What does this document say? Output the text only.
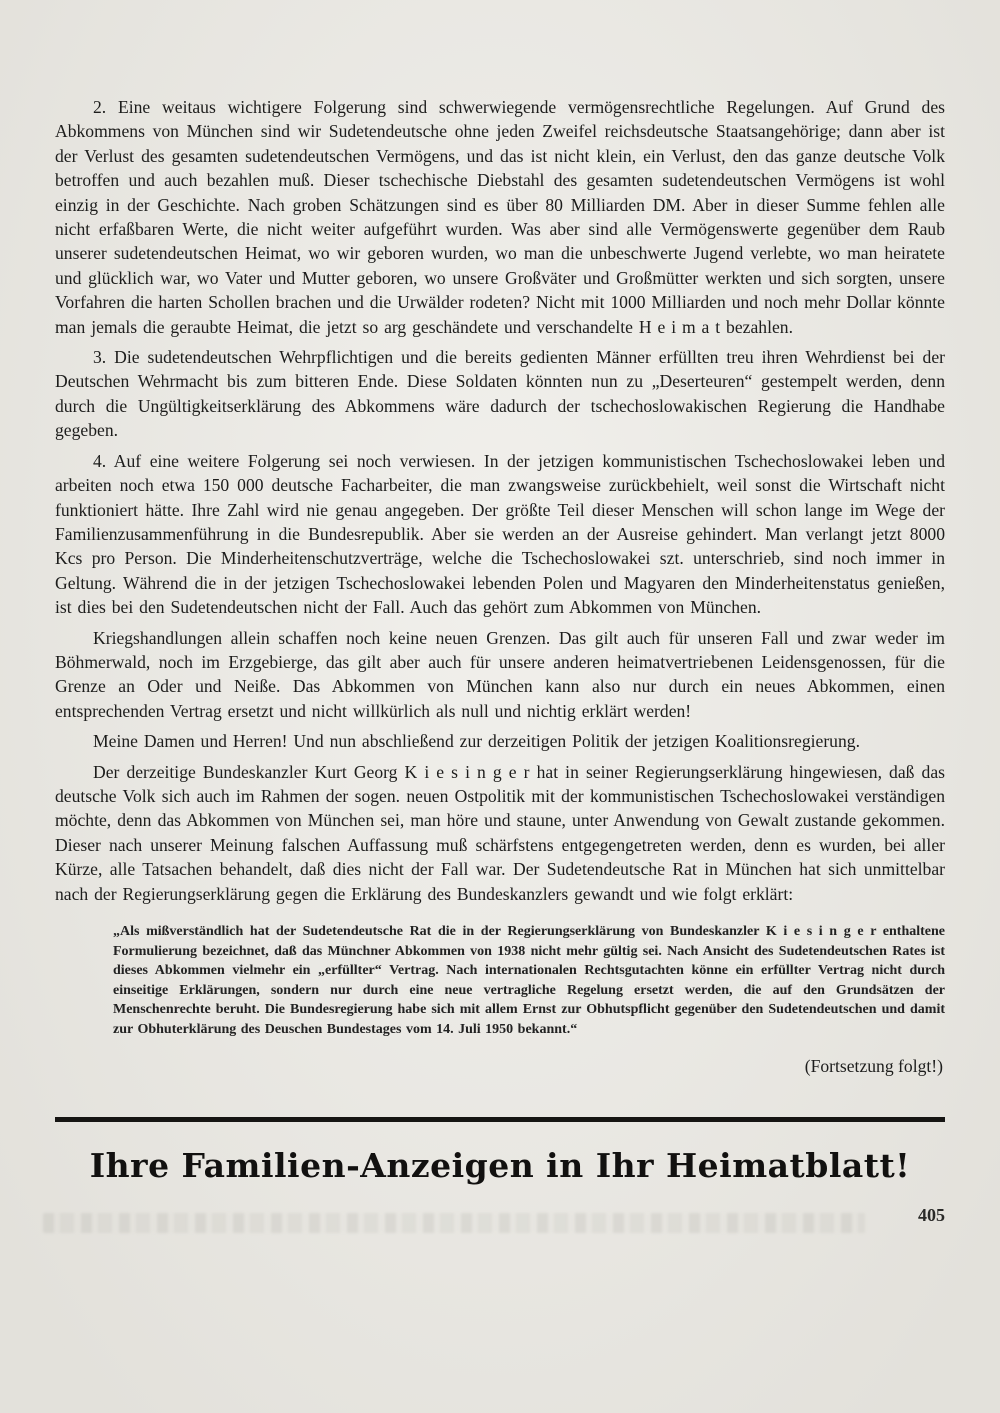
2. Eine weitaus wichtigere Folgerung sind schwerwiegende vermögensrechtliche Regelungen. Auf Grund des Abkommens von München sind wir Sudetendeutsche ohne jeden Zweifel reichsdeutsche Staatsangehörige; dann aber ist der Verlust des gesamten sudetendeutschen Vermögens, und das ist nicht klein, ein Verlust, den das ganze deutsche Volk betroffen und auch bezahlen muß. Dieser tschechische Diebstahl des gesamten sudetendeutschen Vermögens ist wohl einzig in der Geschichte. Nach groben Schätzungen sind es über 80 Milliarden DM. Aber in dieser Summe fehlen alle nicht erfaßbaren Werte, die nicht weiter aufgeführt wurden. Was aber sind alle Vermögenswerte gegenüber dem Raub unserer sudetendeutschen Heimat, wo wir geboren wurden, wo man die unbeschwerte Jugend verlebte, wo man heiratete und glücklich war, wo Vater und Mutter geboren, wo unsere Großväter und Großmütter werkten und sich sorgten, unsere Vorfahren die harten Schollen brachen und die Urwälder rodeten? Nicht mit 1000 Milliarden und noch mehr Dollar könnte man jemals die geraubte Heimat, die jetzt so arg geschändete und verschandelte H e i m a t bezahlen.

3. Die sudetendeutschen Wehrpflichtigen und die bereits gedienten Männer erfüllten treu ihren Wehrdienst bei der Deutschen Wehrmacht bis zum bitteren Ende. Diese Soldaten könnten nun zu „Deserteuren“ gestempelt werden, denn durch die Ungültigkeitserklärung des Abkommens wäre dadurch der tschechoslowakischen Regierung die Handhabe gegeben.

4. Auf eine weitere Folgerung sei noch verwiesen. In der jetzigen kommunistischen Tschechoslowakei leben und arbeiten noch etwa 150 000 deutsche Facharbeiter, die man zwangsweise zurückbehielt, weil sonst die Wirtschaft nicht funktioniert hätte. Ihre Zahl wird nie genau angegeben. Der größte Teil dieser Menschen will schon lange im Wege der Familienzusammenführung in die Bundesrepublik. Aber sie werden an der Ausreise gehindert. Man verlangt jetzt 8000 Kcs pro Person. Die Minderheitenschutzverträge, welche die Tschechoslowakei szt. unterschrieb, sind noch immer in Geltung. Während die in der jetzigen Tschechoslowakei lebenden Polen und Magyaren den Minderheitenstatus genießen, ist dies bei den Sudetendeutschen nicht der Fall. Auch das gehört zum Abkommen von München.

Kriegshandlungen allein schaffen noch keine neuen Grenzen. Das gilt auch für unseren Fall und zwar weder im Böhmerwald, noch im Erzgebierge, das gilt aber auch für unsere anderen heimatvertriebenen Leidensgenossen, für die Grenze an Oder und Neiße. Das Abkommen von München kann also nur durch ein neues Abkommen, einen entsprechenden Vertrag ersetzt und nicht willkürlich als null und nichtig erklärt werden!

Meine Damen und Herren! Und nun abschließend zur derzeitigen Politik der jetzigen Koalitionsregierung.

Der derzeitige Bundeskanzler Kurt Georg K i e s i n g e r hat in seiner Regierungserklärung hingewiesen, daß das deutsche Volk sich auch im Rahmen der sogen. neuen Ostpolitik mit der kommunistischen Tschechoslowakei verständigen möchte, denn das Abkommen von München sei, man höre und staune, unter Anwendung von Gewalt zustande gekommen. Dieser nach unserer Meinung falschen Auffassung muß schärfstens entgegengetreten werden, denn es wurden, bei aller Kürze, alle Tatsachen behandelt, daß dies nicht der Fall war. Der Sudetendeutsche Rat in München hat sich unmittelbar nach der Regierungserklärung gegen die Erklärung des Bundeskanzlers gewandt und wie folgt erklärt:

„Als mißverständlich hat der Sudetendeutsche Rat die in der Regierungserklärung von Bundeskanzler K i e s i n g e r enthaltene Formulierung bezeichnet, daß das Münchner Abkommen von 1938 nicht mehr gültig sei. Nach Ansicht des Sudetendeutschen Rates ist dieses Abkommen vielmehr ein „erfüllter“ Vertrag. Nach internationalen Rechtsgutachten könne ein erfüllter Vertrag nicht durch einseitige Erklärungen, sondern nur durch eine neue vertragliche Regelung ersetzt werden, die auf den Grundsätzen der Menschenrechte beruht. Die Bundesregierung habe sich mit allem Ernst zur Obhutspflicht gegenüber den Sudetendeutschen und damit zur Obhuterklärung des Deuschen Bundestages vom 14. Juli 1950 bekannt.“

(Fortsetzung folgt!)

Ihre Familien-Anzeigen in Ihr Heimatblatt!
405
